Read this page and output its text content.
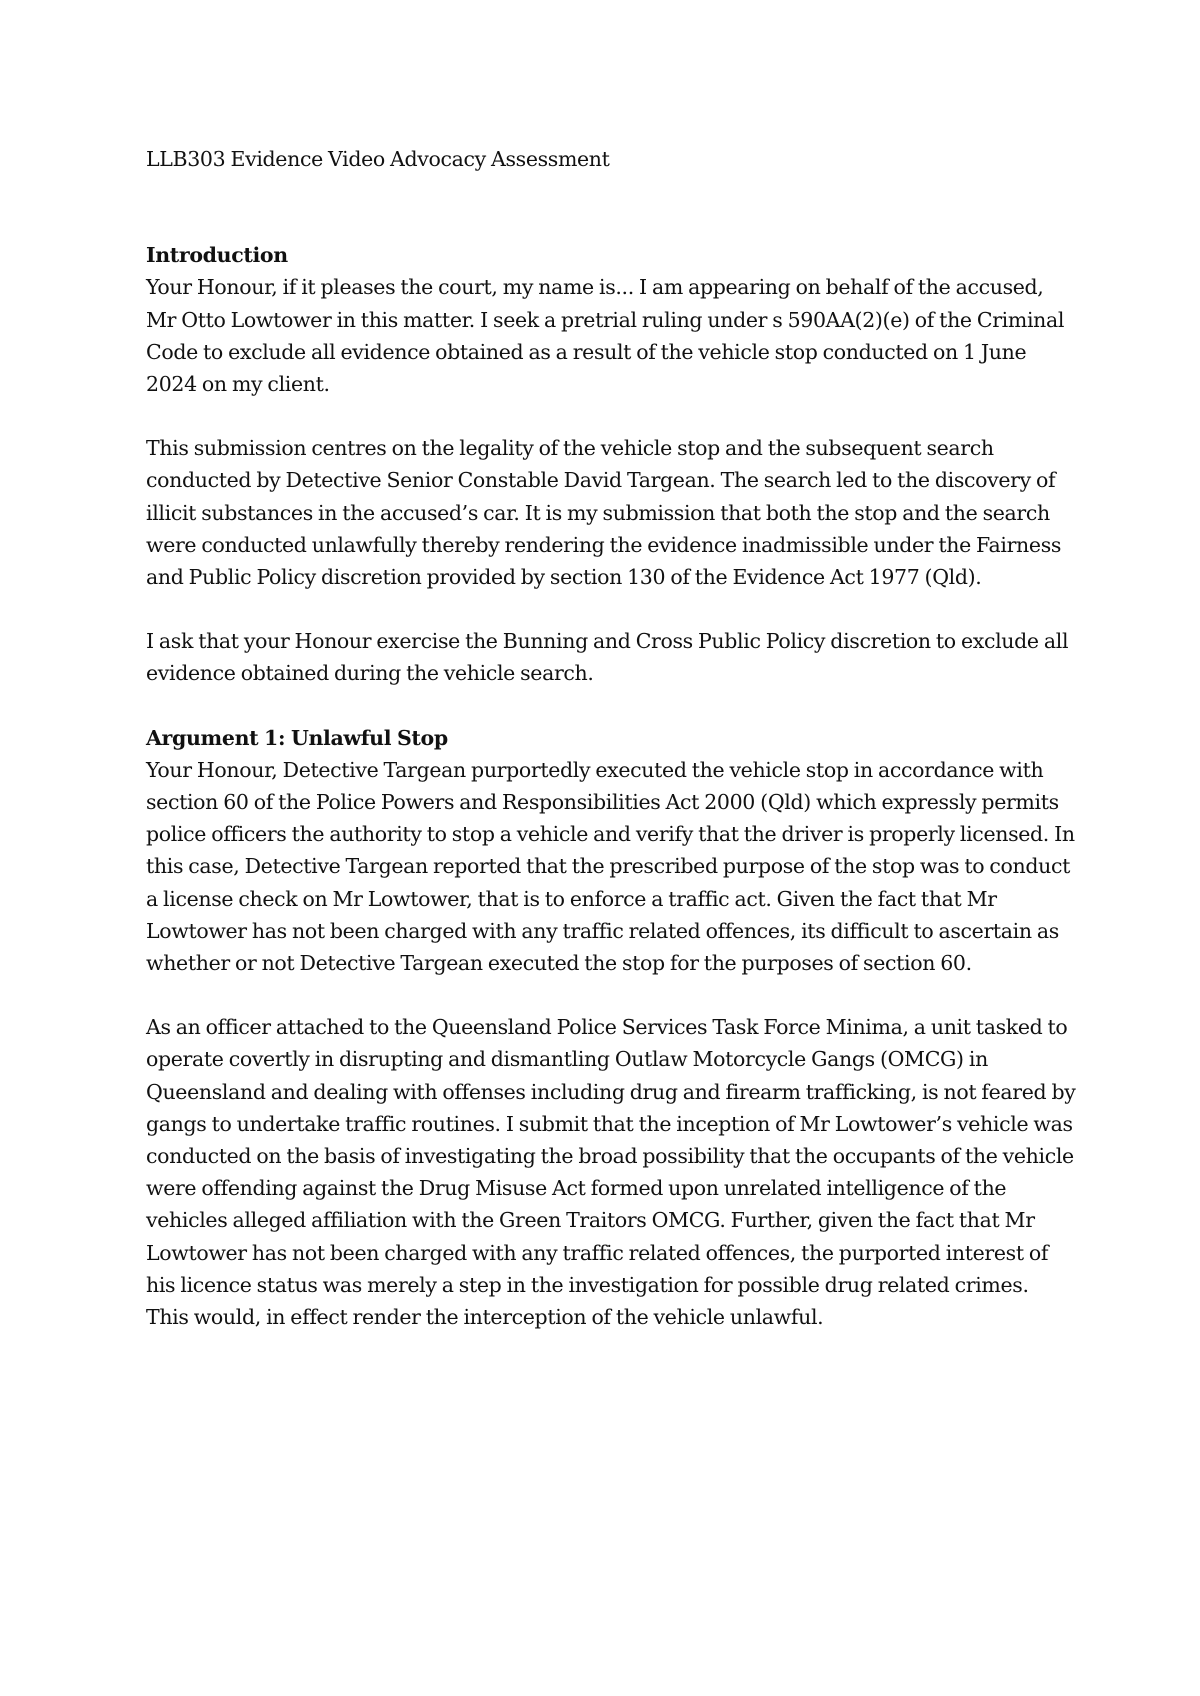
LLB303 Evidence Video Advocacy Assessment
Introduction

Your Honour, if it pleases the court, my name is... I am appearing on behalf of the accused, Mr Otto Lowtower in this matter. I seek a pretrial ruling under s 590AA(2)(e) of the Criminal Code to exclude all evidence obtained as a result of the vehicle stop conducted on 1 June 2024 on my client.

This submission centres on the legality of the vehicle stop and the subsequent search conducted by Detective Senior Constable David Targean. The search led to the discovery of illicit substances in the accused’s car. It is my submission that both the stop and the search were conducted unlawfully thereby rendering the evidence inadmissible under the Fairness and Public Policy discretion provided by section 130 of the Evidence Act 1977 (Qld).

I ask that your Honour exercise the Bunning and Cross Public Policy discretion to exclude all evidence obtained during the vehicle search.

Argument 1: Unlawful Stop

Your Honour, Detective Targean purportedly executed the vehicle stop in accordance with section 60 of the Police Powers and Responsibilities Act 2000 (Qld) which expressly permits police officers the authority to stop a vehicle and verify that the driver is properly licensed. In this case, Detective Targean reported that the prescribed purpose of the stop was to conduct a license check on Mr Lowtower, that is to enforce a traffic act. Given the fact that Mr Lowtower has not been charged with any traffic related offences, its difficult to ascertain as whether or not Detective Targean executed the stop for the purposes of section 60.

As an officer attached to the Queensland Police Services Task Force Minima, a unit tasked to operate covertly in disrupting and dismantling Outlaw Motorcycle Gangs (OMCG) in Queensland and dealing with offenses including drug and firearm trafficking, is not feared by gangs to undertake traffic routines. I submit that the inception of Mr Lowtower’s vehicle was conducted on the basis of investigating the broad possibility that the occupants of the vehicle were offending against the Drug Misuse Act formed upon unrelated intelligence of the vehicles alleged affiliation with the Green Traitors OMCG. Further, given the fact that Mr Lowtower has not been charged with any traffic related offences, the purported interest of his licence status was merely a step in the investigation for possible drug related crimes. This would, in effect render the interception of the vehicle unlawful.
